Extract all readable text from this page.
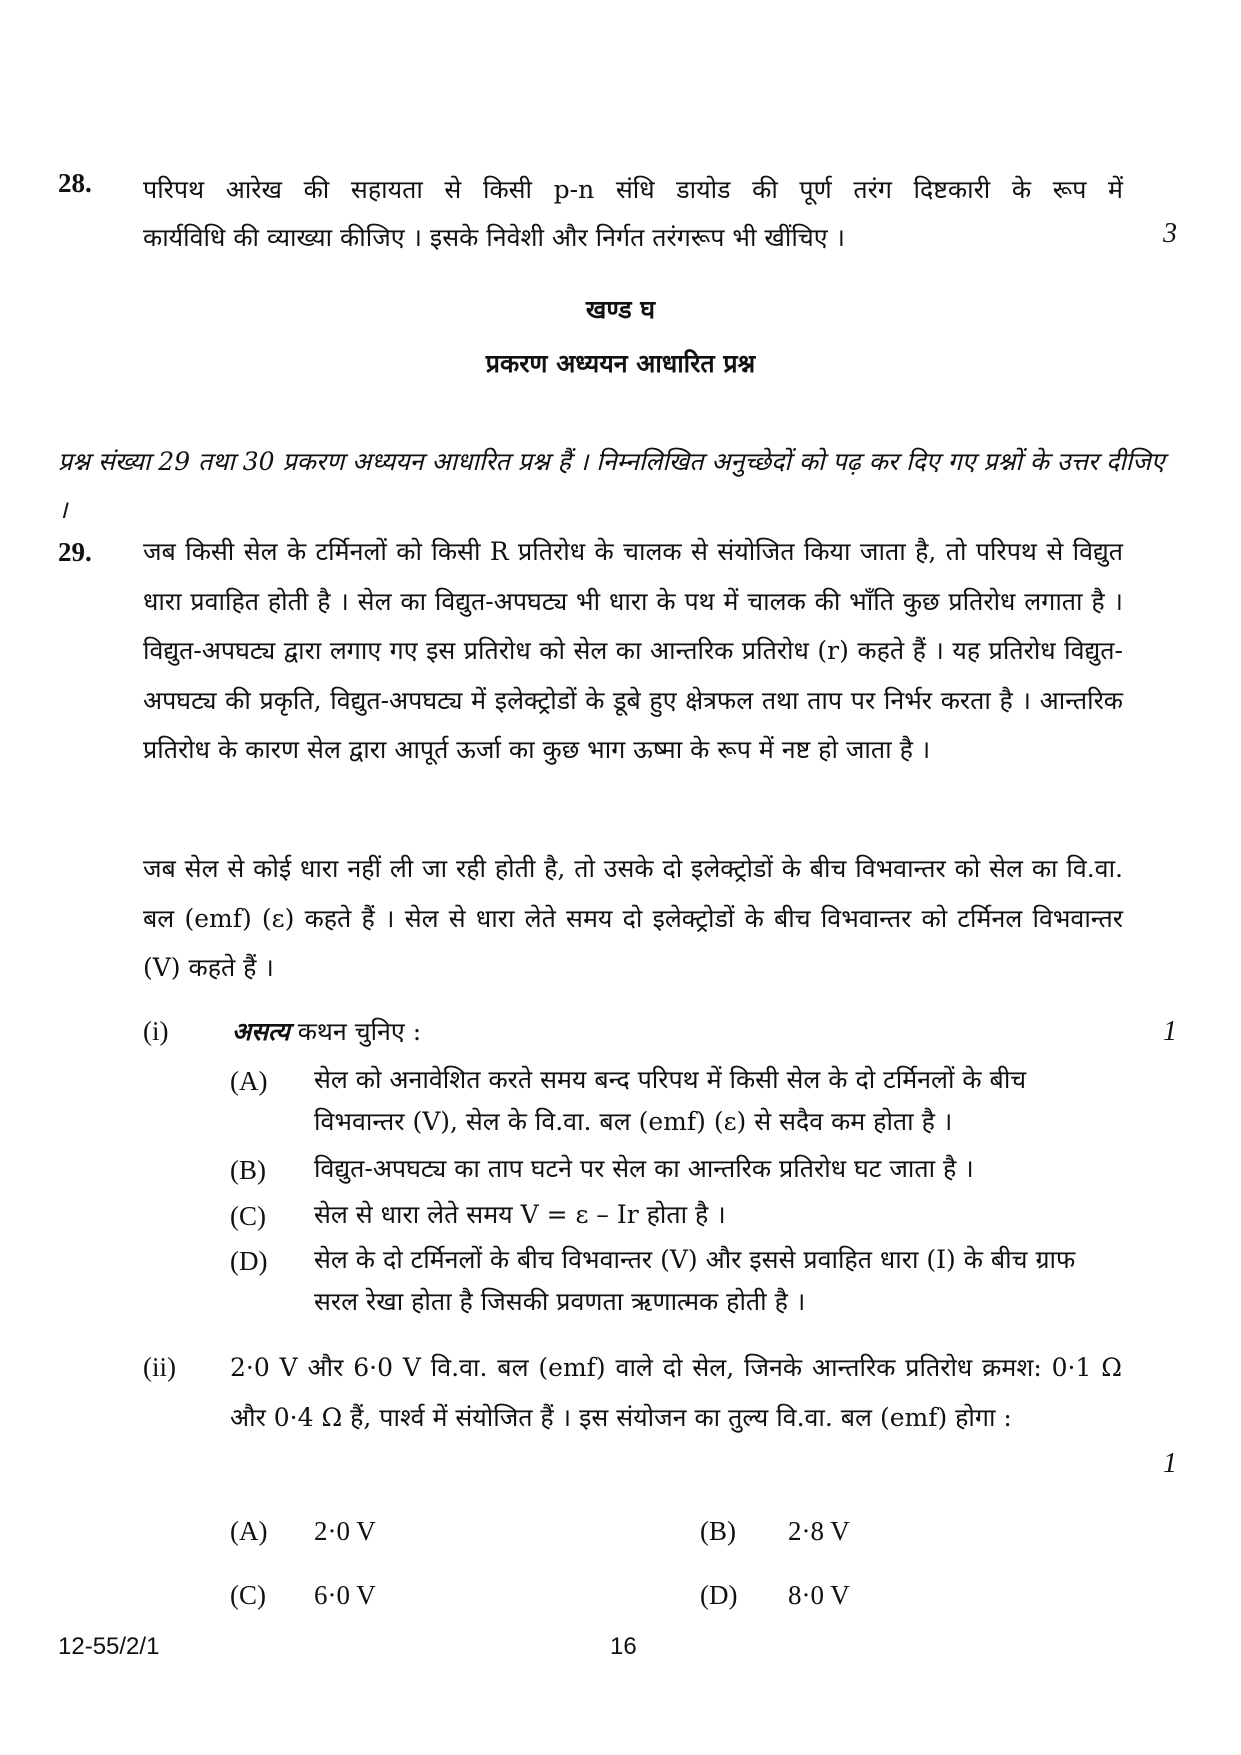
28. परिपथ आरेख की सहायता से किसी p-n संधि डायोड की पूर्ण तरंग दिष्टकारी के रूप में
कार्यविधि की व्याख्या कीजिए । इसके निवेशी और निर्गत तरंगरूप भी खींचिए ।	3
खण्ड घ
प्रकरण अध्ययन आधारित प्रश्न
प्रश्न संख्या 29 तथा 30 प्रकरण अध्ययन आधारित प्रश्न हैं । निम्नलिखित अनुच्छेदों को पढ़ कर दिए गए प्रश्नों के उत्तर दीजिए ।
29. जब किसी सेल के टर्मिनलों को किसी R प्रतिरोध के चालक से संयोजित किया जाता है, तो परिपथ से विद्युत धारा प्रवाहित होती है । सेल का विद्युत-अपघट्य भी धारा के पथ में चालक की भाँति कुछ प्रतिरोध लगाता है । विद्युत-अपघट्य द्वारा लगाए गए इस प्रतिरोध को सेल का आन्तरिक प्रतिरोध (r) कहते हैं । यह प्रतिरोध विद्युत-अपघट्य की प्रकृति, विद्युत-अपघट्य में इलेक्ट्रोडों के डूबे हुए क्षेत्रफल तथा ताप पर निर्भर करता है । आन्तरिक प्रतिरोध के कारण सेल द्वारा आपूर्त ऊर्जा का कुछ भाग ऊष्मा के रूप में नष्ट हो जाता है ।
जब सेल से कोई धारा नहीं ली जा रही होती है, तो उसके दो इलेक्ट्रोडों के बीच विभवान्तर को सेल का वि.वा. बल (emf) (ε) कहते हैं । सेल से धारा लेते समय दो इलेक्ट्रोडों के बीच विभवान्तर को टर्मिनल विभवान्तर (V) कहते हैं ।
(i)	असत्य कथन चुनिए :	1
(A) सेल को अनावेशित करते समय बन्द परिपथ में किसी सेल के दो टर्मिनलों के बीच विभवान्तर (V), सेल के वि.वा. बल (emf) (ε) से सदैव कम होता है ।
(B) विद्युत-अपघट्य का ताप घटने पर सेल का आन्तरिक प्रतिरोध घट जाता है ।
(C) सेल से धारा लेते समय V = ε – Ir होता है ।
(D) सेल के दो टर्मिनलों के बीच विभवान्तर (V) और इससे प्रवाहित धारा (I) के बीच ग्राफ सरल रेखा होता है जिसकी प्रवणता ऋणात्मक होती है ।
(ii) 2·0 V और 6·0 V वि.वा. बल (emf) वाले दो सेल, जिनके आन्तरिक प्रतिरोध क्रमश: 0·1 Ω और 0·4 Ω हैं, पार्श्व में संयोजित हैं । इस संयोजन का तुल्य वि.वा. बल (emf) होगा :
1
(A) 2·0 V	(B) 2·8 V
(C) 6·0 V	(D) 8·0 V
12-55/2/1	16
